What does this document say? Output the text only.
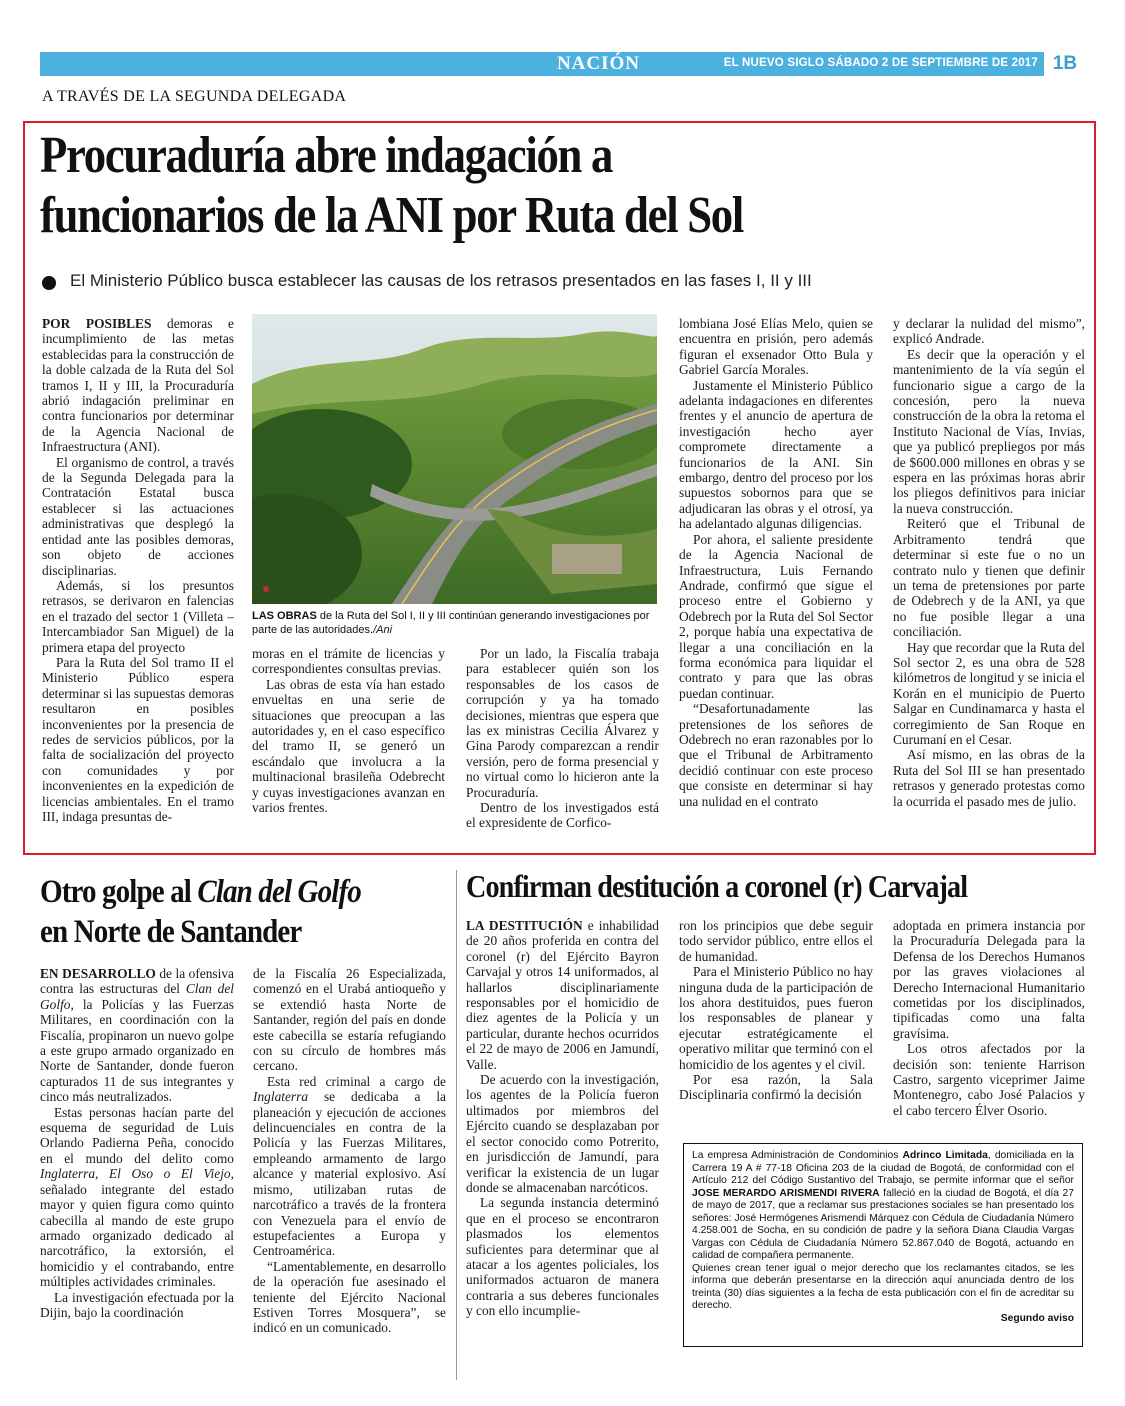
NACIÓN	EL NUEVO SIGLO SÁBADO 2 DE SEPTIEMBRE DE 2017 1B
A TRAVÉS DE LA SEGUNDA DELEGADA
Procuraduría abre indagación a
funcionarios de la ANI por Ruta del Sol
El Ministerio Público busca establecer las causas de los retrasos presentados en las fases I, II y III

POR POSIBLES demoras e incumplimiento de las metas establecidas para la construcción de la doble calzada de la Ruta del Sol tramos I, II y III, la Procuraduría abrió indagación preliminar en contra funcionarios por determinar de la Agencia Nacional de Infraestructura (ANI).

El organismo de control, a través de la Segunda Delegada para la Contratación Estatal busca establecer si las actuaciones administrativas que desplegó la entidad ante las posibles demoras, son objeto de acciones disciplinarias.

Además, si los presuntos retrasos, se derivaron en falencias en el trazado del sector 1 (Villeta – Intercambiador San Miguel) de la primera etapa del proyecto

Para la Ruta del Sol tramo II el Ministerio Público espera determinar si las supuestas demoras resultaron en posibles inconvenientes por la presencia de redes de servicios públicos, por la falta de socialización del proyecto con comunidades y por inconvenientes en la expedición de licencias ambientales. En el tramo III, indaga presuntas de-

LAS OBRAS de la Ruta del Sol I, II y III continúan generando investigaciones por parte de las autoridades./Ani

moras en el trámite de licencias y correspondientes consultas previas.

Las obras de esta vía han estado envueltas en una serie de situaciones que preocupan a las autoridades y, en el caso específico del tramo II, se generó un escándalo que involucra a la multinacional brasileña Odebrecht y cuyas investigaciones avanzan en varios frentes.

Por un lado, la Fiscalía trabaja para establecer quién son los responsables de los casos de corrupción y ya ha tomado decisiones, mientras que espera que las ex ministras Cecilia Álvarez y Gina Parody comparezcan a rendir versión, pero de forma presencial y no virtual como lo hicieron ante la Procuraduría.

Dentro de los investigados está el expresidente de Corfico-

lombiana José Elías Melo, quien se encuentra en prisión, pero además figuran el exsenador Otto Bula y Gabriel García Morales.

Justamente el Ministerio Público adelanta indagaciones en diferentes frentes y el anuncio de apertura de investigación hecho ayer compromete directamente a funcionarios de la ANI. Sin embargo, dentro del proceso por los supuestos sobornos para que se adjudicaran las obras y el otrosí, ya ha adelantado algunas diligencias.

Por ahora, el saliente presidente de la Agencia Nacional de Infraestructura, Luis Fernando Andrade, confirmó que sigue el proceso entre el Gobierno y Odebrech por la Ruta del Sol Sector 2, porque había una expectativa de llegar a una conciliación en la forma económica para liquidar el contrato y para que las obras puedan continuar.

“Desafortunadamente las pretensiones de los señores de Odebrech no eran razonables por lo que el Tribunal de Arbitramento decidió continuar con este proceso que consiste en determinar si hay una nulidad en el contrato

y declarar la nulidad del mismo”, explicó Andrade.

Es decir que la operación y el mantenimiento de la vía según el funcionario sigue a cargo de la concesión, pero la nueva construcción de la obra la retoma el Instituto Nacional de Vías, Invias, que ya publicó prepliegos por más de $600.000 millones en obras y se espera en las próximas horas abrir los pliegos definitivos para iniciar la nueva construcción.

Reiteró que el Tribunal de Arbitramento tendrá que determinar si este fue o no un contrato nulo y tienen que definir un tema de pretensiones por parte de Odebrech y de la ANI, ya que no fue posible llegar a una conciliación.

Hay que recordar que la Ruta del Sol sector 2, es una obra de 528 kilómetros de longitud y se inicia el Korán en el municipio de Puerto Salgar en Cundinamarca y hasta el corregimiento de San Roque en Curumaní en el Cesar.

Así mismo, en las obras de la Ruta del Sol III se han presentado retrasos y generado protestas como la ocurrida el pasado mes de julio.

Otro golpe al Clan del Golfo
en Norte de Santander

EN DESARROLLO de la ofensiva contra las estructuras del Clan del Golfo, la Policías y las Fuerzas Militares, en coordinación con la Fiscalía, propinaron un nuevo golpe a este grupo armado organizado en Norte de Santander, donde fueron capturados 11 de sus integrantes y cinco más neutralizados.

Estas personas hacían parte del esquema de seguridad de Luis Orlando Padierna Peña, conocido en el mundo del delito como Inglaterra, El Oso o El Viejo, señalado integrante del estado mayor y quien figura como quinto cabecilla al mando de este grupo armado organizado dedicado al narcotráfico, la extorsión, el homicidio y el contrabando, entre múltiples actividades criminales.

La investigación efectuada por la Dijin, bajo la coordinación

de la Fiscalía 26 Especializada, comenzó en el Urabá antioqueño y se extendió hasta Norte de Santander, región del país en donde este cabecilla se estaría refugiando con su círculo de hombres más cercano.

Esta red criminal a cargo de Inglaterra se dedicaba a la planeación y ejecución de acciones delincuenciales en contra de la Policía y las Fuerzas Militares, empleando armamento de largo alcance y material explosivo. Así mismo, utilizaban rutas de narcotráfico a través de la frontera con Venezuela para el envío de estupefacientes a Europa y Centroamérica.

“Lamentablemente, en desarrollo de la operación fue asesinado el teniente del Ejército Nacional Estiven Torres Mosquera”, se indicó en un comunicado.

Confirman destitución a coronel (r) Carvajal

LA DESTITUCIÓN e inhabilidad de 20 años proferida en contra del coronel (r) del Ejército Bayron Carvajal y otros 14 uniformados, al hallarlos disciplinariamente responsables por el homicidio de diez agentes de la Policía y un particular, durante hechos ocurridos el 22 de mayo de 2006 en Jamundí, Valle.

De acuerdo con la investigación, los agentes de la Policía fueron ultimados por miembros del Ejército cuando se desplazaban por el sector conocido como Potrerito, en jurisdicción de Jamundí, para verificar la existencia de un lugar donde se almacenaban narcóticos.

La segunda instancia determinó que en el proceso se encontraron plasmados los elementos suficientes para determinar que al atacar a los agentes policiales, los uniformados actuaron de manera contraria a sus deberes funcionales y con ello incumplie-

ron los principios que debe seguir todo servidor público, entre ellos el de humanidad.

Para el Ministerio Público no hay ninguna duda de la participación de los ahora destituidos, pues fueron los responsables de planear y ejecutar estratégicamente el operativo militar que terminó con el homicidio de los agentes y el civil.

Por esa razón, la Sala Disciplinaria confirmó la decisión

adoptada en primera instancia por la Procuraduría Delegada para la Defensa de los Derechos Humanos por las graves violaciones al Derecho Internacional Humanitario cometidas por los disciplinados, tipificadas como una falta gravísima.

Los otros afectados por la decisión son: teniente Harrison Castro, sargento viceprimer Jaime Montenegro, cabo José Palacios y el cabo tercero Élver Osorio.

La empresa Administración de Condominios Adrinco Limitada, domiciliada en la Carrera 19 A # 77-18 Oficina 203 de la ciudad de Bogotá, de conformidad con el Artículo 212 del Código Sustantivo del Trabajo, se permite informar que el señor JOSE MERARDO ARISMENDI RIVERA falleció en la ciudad de Bogotá, el día 27 de mayo de 2017, que a reclamar sus prestaciones sociales se han presentado los señores: José Hermógenes Arismendi Márquez con Cédula de Ciudadanía Número 4.258.001 de Socha, en su condición de padre y la señora Diana Claudia Vargas Vargas con Cédula de Ciudadanía Número 52.867.040 de Bogotá, actuando en calidad de compañera permanente.
Quienes crean tener igual o mejor derecho que los reclamantes citados, se les informa que deberán presentarse en la dirección aquí anunciada dentro de los treinta (30) días siguientes a la fecha de esta publicación con el fin de acreditar su derecho.
Segundo aviso
